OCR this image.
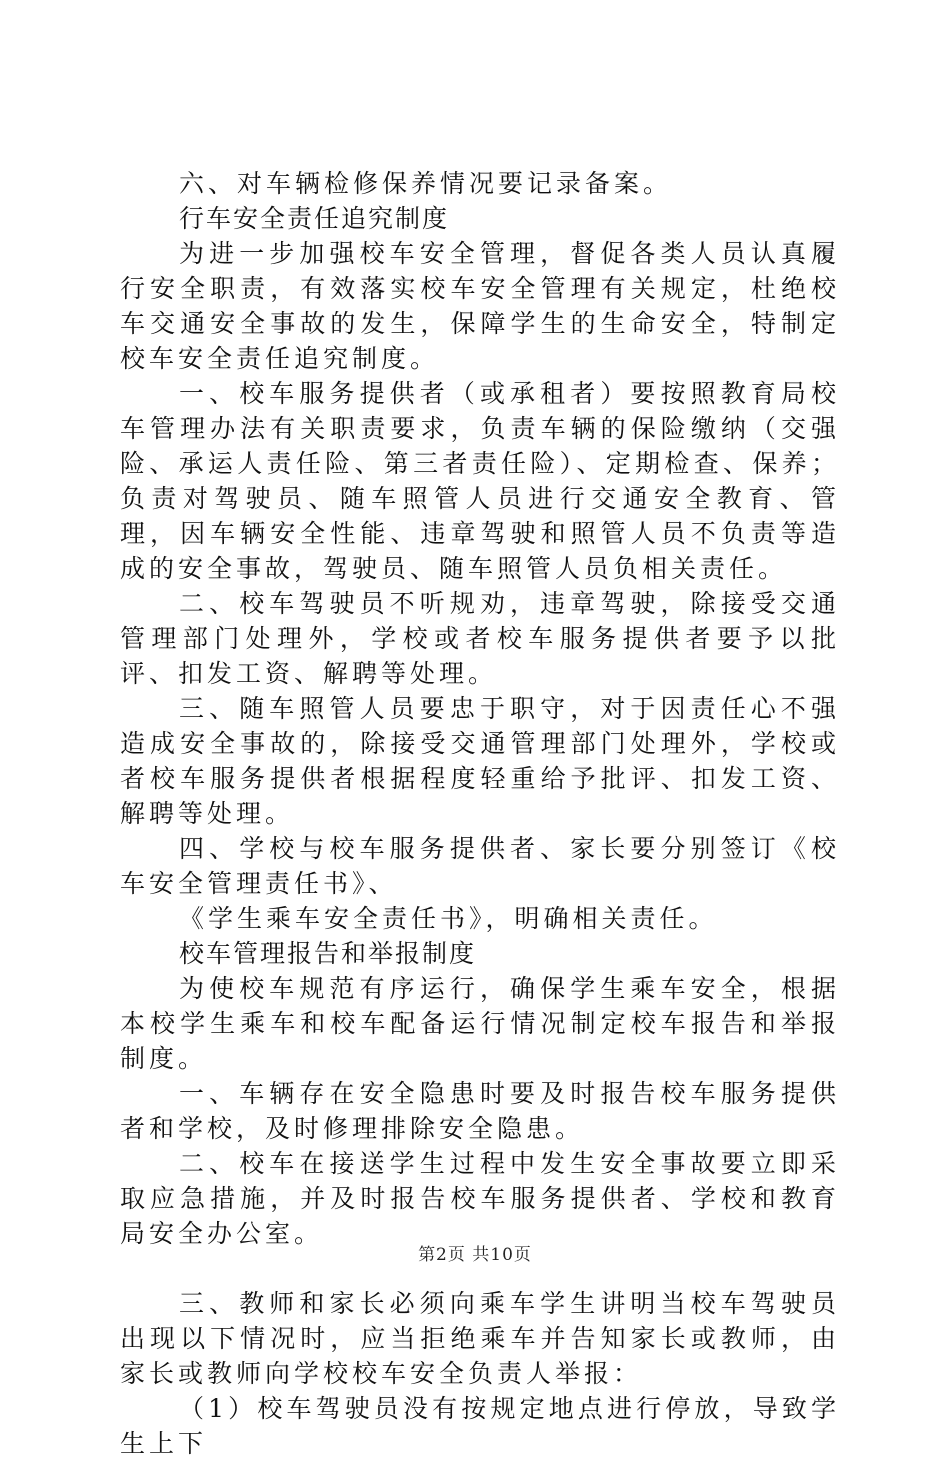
六、对车辆检修保养情况要记录备案。

行车安全责任追究制度

为进一步加强校车安全管理，督促各类人员认真履行安全职责，有效落实校车安全管理有关规定，杜绝校车交通安全事故的发生，保障学生的生命安全，特制定校车安全责任追究制度。

一、校车服务提供者（或承租者）要按照教育局校车管理办法有关职责要求，负责车辆的保险缴纳（交强险、承运人责任险、第三者责任险）、定期检查、保养；负责对驾驶员、随车照管人员进行交通安全教育、管理，因车辆安全性能、违章驾驶和照管人员不负责等造成的安全事故，驾驶员、随车照管人员负相关责任。

二、校车驾驶员不听规劝，违章驾驶，除接受交通管理部门处理外，学校或者校车服务提供者要予以批评、扣发工资、解聘等处理。

三、随车照管人员要忠于职守，对于因责任心不强造成安全事故的，除接受交通管理部门处理外，学校或者校车服务提供者根据程度轻重给予批评、扣发工资、解聘等处理。

四、学校与校车服务提供者、家长要分别签订《校车安全管理责任书》、

《学生乘车安全责任书》，明确相关责任。

校车管理报告和举报制度

为使校车规范有序运行，确保学生乘车安全，根据本校学生乘车和校车配备运行情况制定校车报告和举报制度。

一、车辆存在安全隐患时要及时报告校车服务提供者和学校，及时修理排除安全隐患。

二、校车在接送学生过程中发生安全事故要立即采取应急措施，并及时报告校车服务提供者、学校和教育局安全办公室。

三、教师和家长必须向乘车学生讲明当校车驾驶员出现以下情况时，应当拒绝乘车并告知家长或教师，由家长或教师向学校校车安全负责人举报：

（1）校车驾驶员没有按规定地点进行停放，导致学生上下

第2页 共10页
